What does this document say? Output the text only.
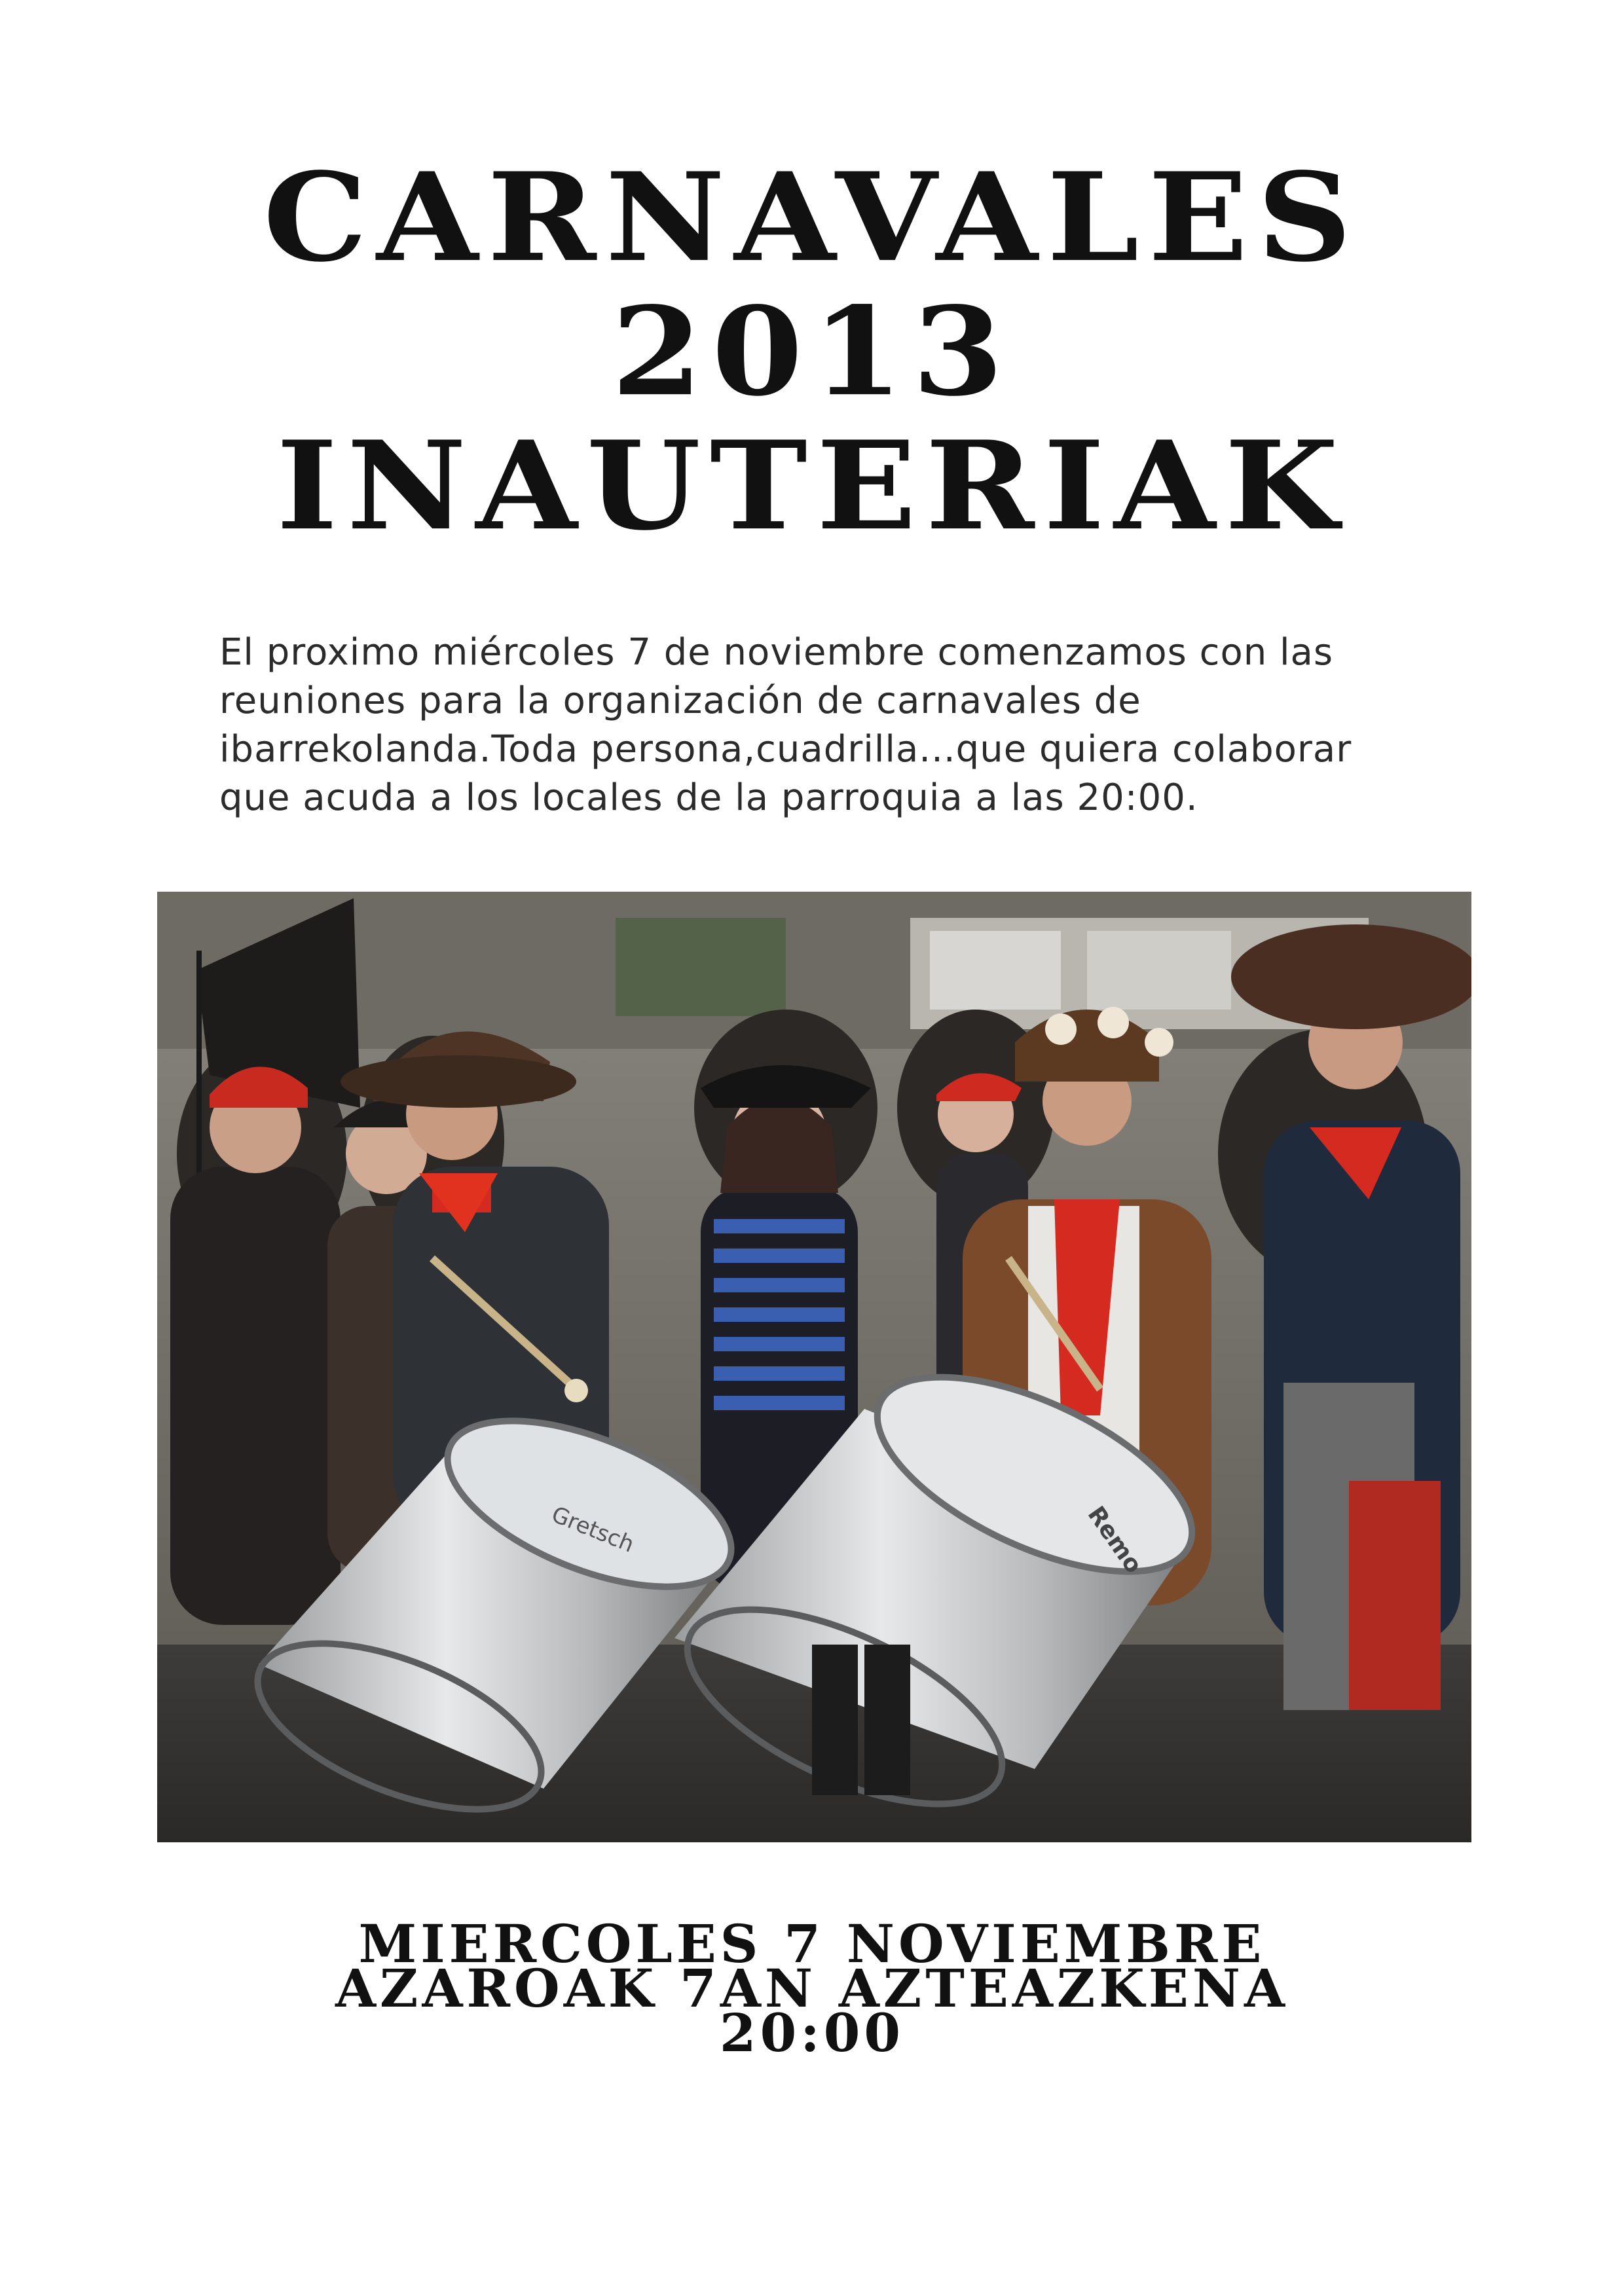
CARNAVALES
2013
INAUTERIAK
El proximo miércoles 7 de noviembre comenzamos con las
reuniones para la organización de carnavales de
ibarrekolanda.Toda persona,cuadrilla...que quiera colaborar
que acuda a los locales de la parroquia a las 20:00.
Gretsch	Remo
MIERCOLES 7 NOVIEMBRE
AZAROAK 7AN AZTEAZKENA
20:00
